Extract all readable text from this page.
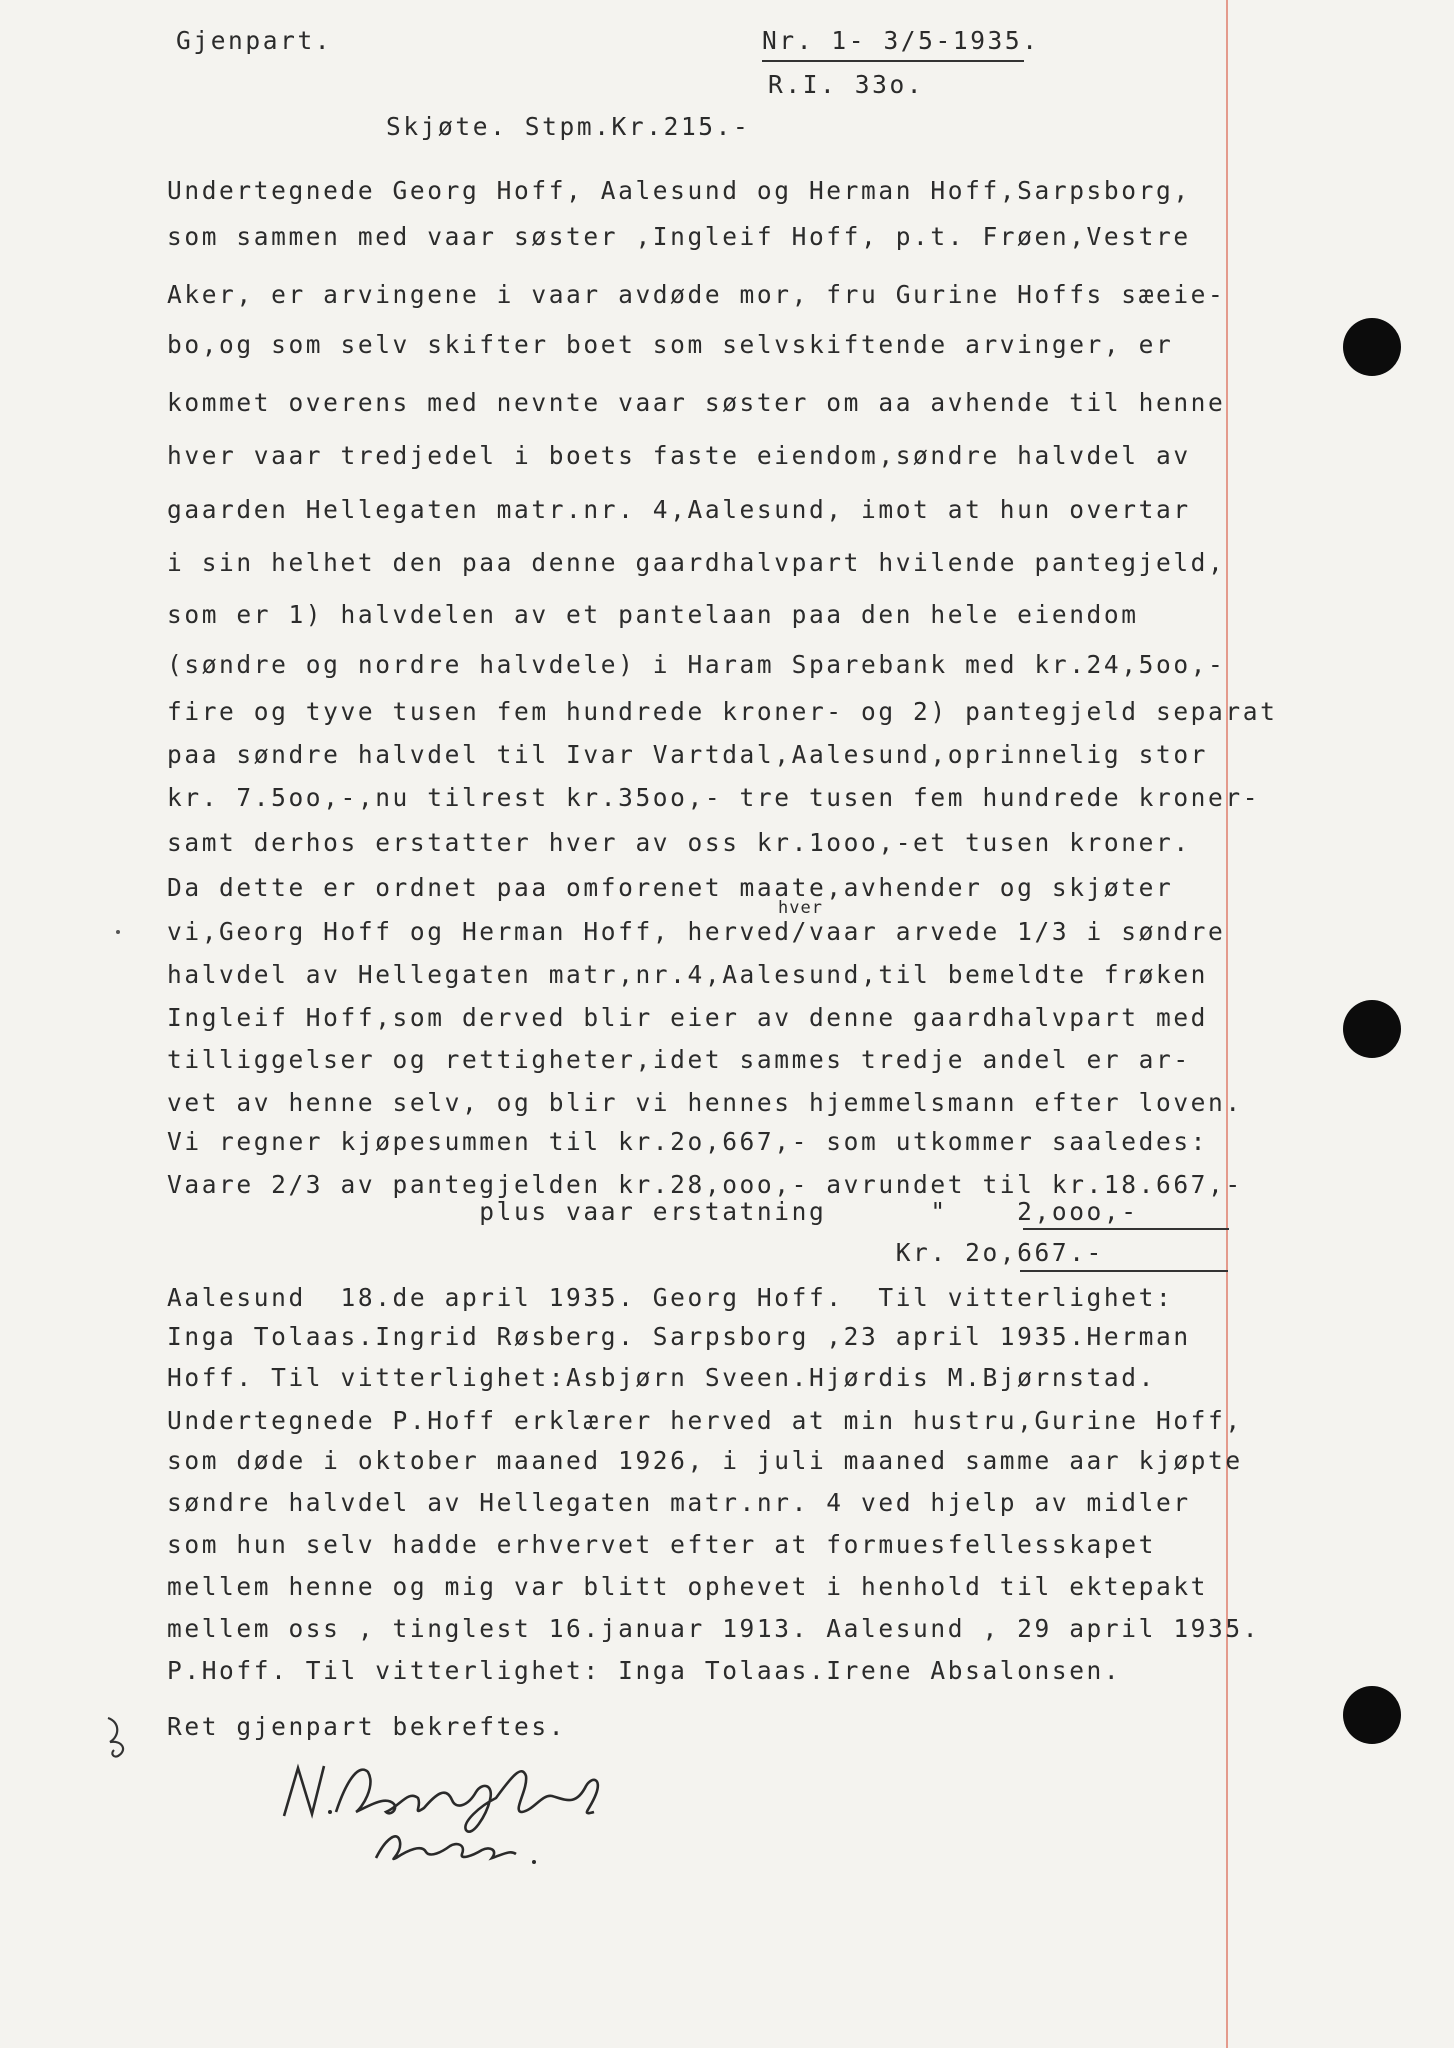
Gjenpart.	Nr. 1- 3/5-1935.
R.I. 33o.
Skjøte. Stpm.Kr.215.-
Undertegnede Georg Hoff, Aalesund og Herman Hoff,Sarpsborg,
som sammen med vaar søster ,Ingleif Hoff, p.t. Frøen,Vestre
Aker, er arvingene i vaar avdøde mor, fru Gurine Hoffs sæeie-
bo,og som selv skifter boet som selvskiftende arvinger, er
kommet overens med nevnte vaar søster om aa avhende til henne
hver vaar tredjedel i boets faste eiendom,søndre halvdel av
gaarden Hellegaten matr.nr. 4,Aalesund, imot at hun overtar
i sin helhet den paa denne gaardhalvpart hvilende pantegjeld,
som er 1) halvdelen av et pantelaan paa den hele eiendom
(søndre og nordre halvdele) i Haram Sparebank med kr.24,5oo,-
fire og tyve tusen fem hundrede kroner- og 2) pantegjeld separat
paa søndre halvdel til Ivar Vartdal,Aalesund,oprinnelig stor
kr. 7.5oo,-,nu tilrest kr.35oo,- tre tusen fem hundrede kroner-
samt derhos erstatter hver av oss kr.1ooo,-et tusen kroner.
Da dette er ordnet paa omforenet maate,avhender og skjøter
hver
vi,Georg Hoff og Herman Hoff, herved/vaar arvede 1/3 i søndre
halvdel av Hellegaten matr,nr.4,Aalesund,til bemeldte frøken
Ingleif Hoff,som derved blir eier av denne gaardhalvpart med
tilliggelser og rettigheter,idet sammes tredje andel er ar-
vet av henne selv, og blir vi hennes hjemmelsmann efter loven.
Vi regner kjøpesummen til kr.2o,667,- som utkommer saaledes:
Vaare 2/3 av pantegjelden kr.28,ooo,- avrundet til kr.18.667,-
plus vaar erstatning      "    2,ooo,-
Kr. 2o,667.-
Aalesund  18.de april 1935. Georg Hoff.  Til vitterlighet:
Inga Tolaas.Ingrid Røsberg. Sarpsborg ,23 april 1935.Herman
Hoff. Til vitterlighet:Asbjørn Sveen.Hjørdis M.Bjørnstad.
Undertegnede P.Hoff erklærer herved at min hustru,Gurine Hoff,
som døde i oktober maaned 1926, i juli maaned samme aar kjøpte
søndre halvdel av Hellegaten matr.nr. 4 ved hjelp av midler
som hun selv hadde erhvervet efter at formuesfellesskapet
mellem henne og mig var blitt ophevet i henhold til ektepakt
mellem oss , tinglest 16.januar 1913. Aalesund , 29 april 1935.
P.Hoff. Til vitterlighet: Inga Tolaas.Irene Absalonsen.
Ret gjenpart bekreftes.
